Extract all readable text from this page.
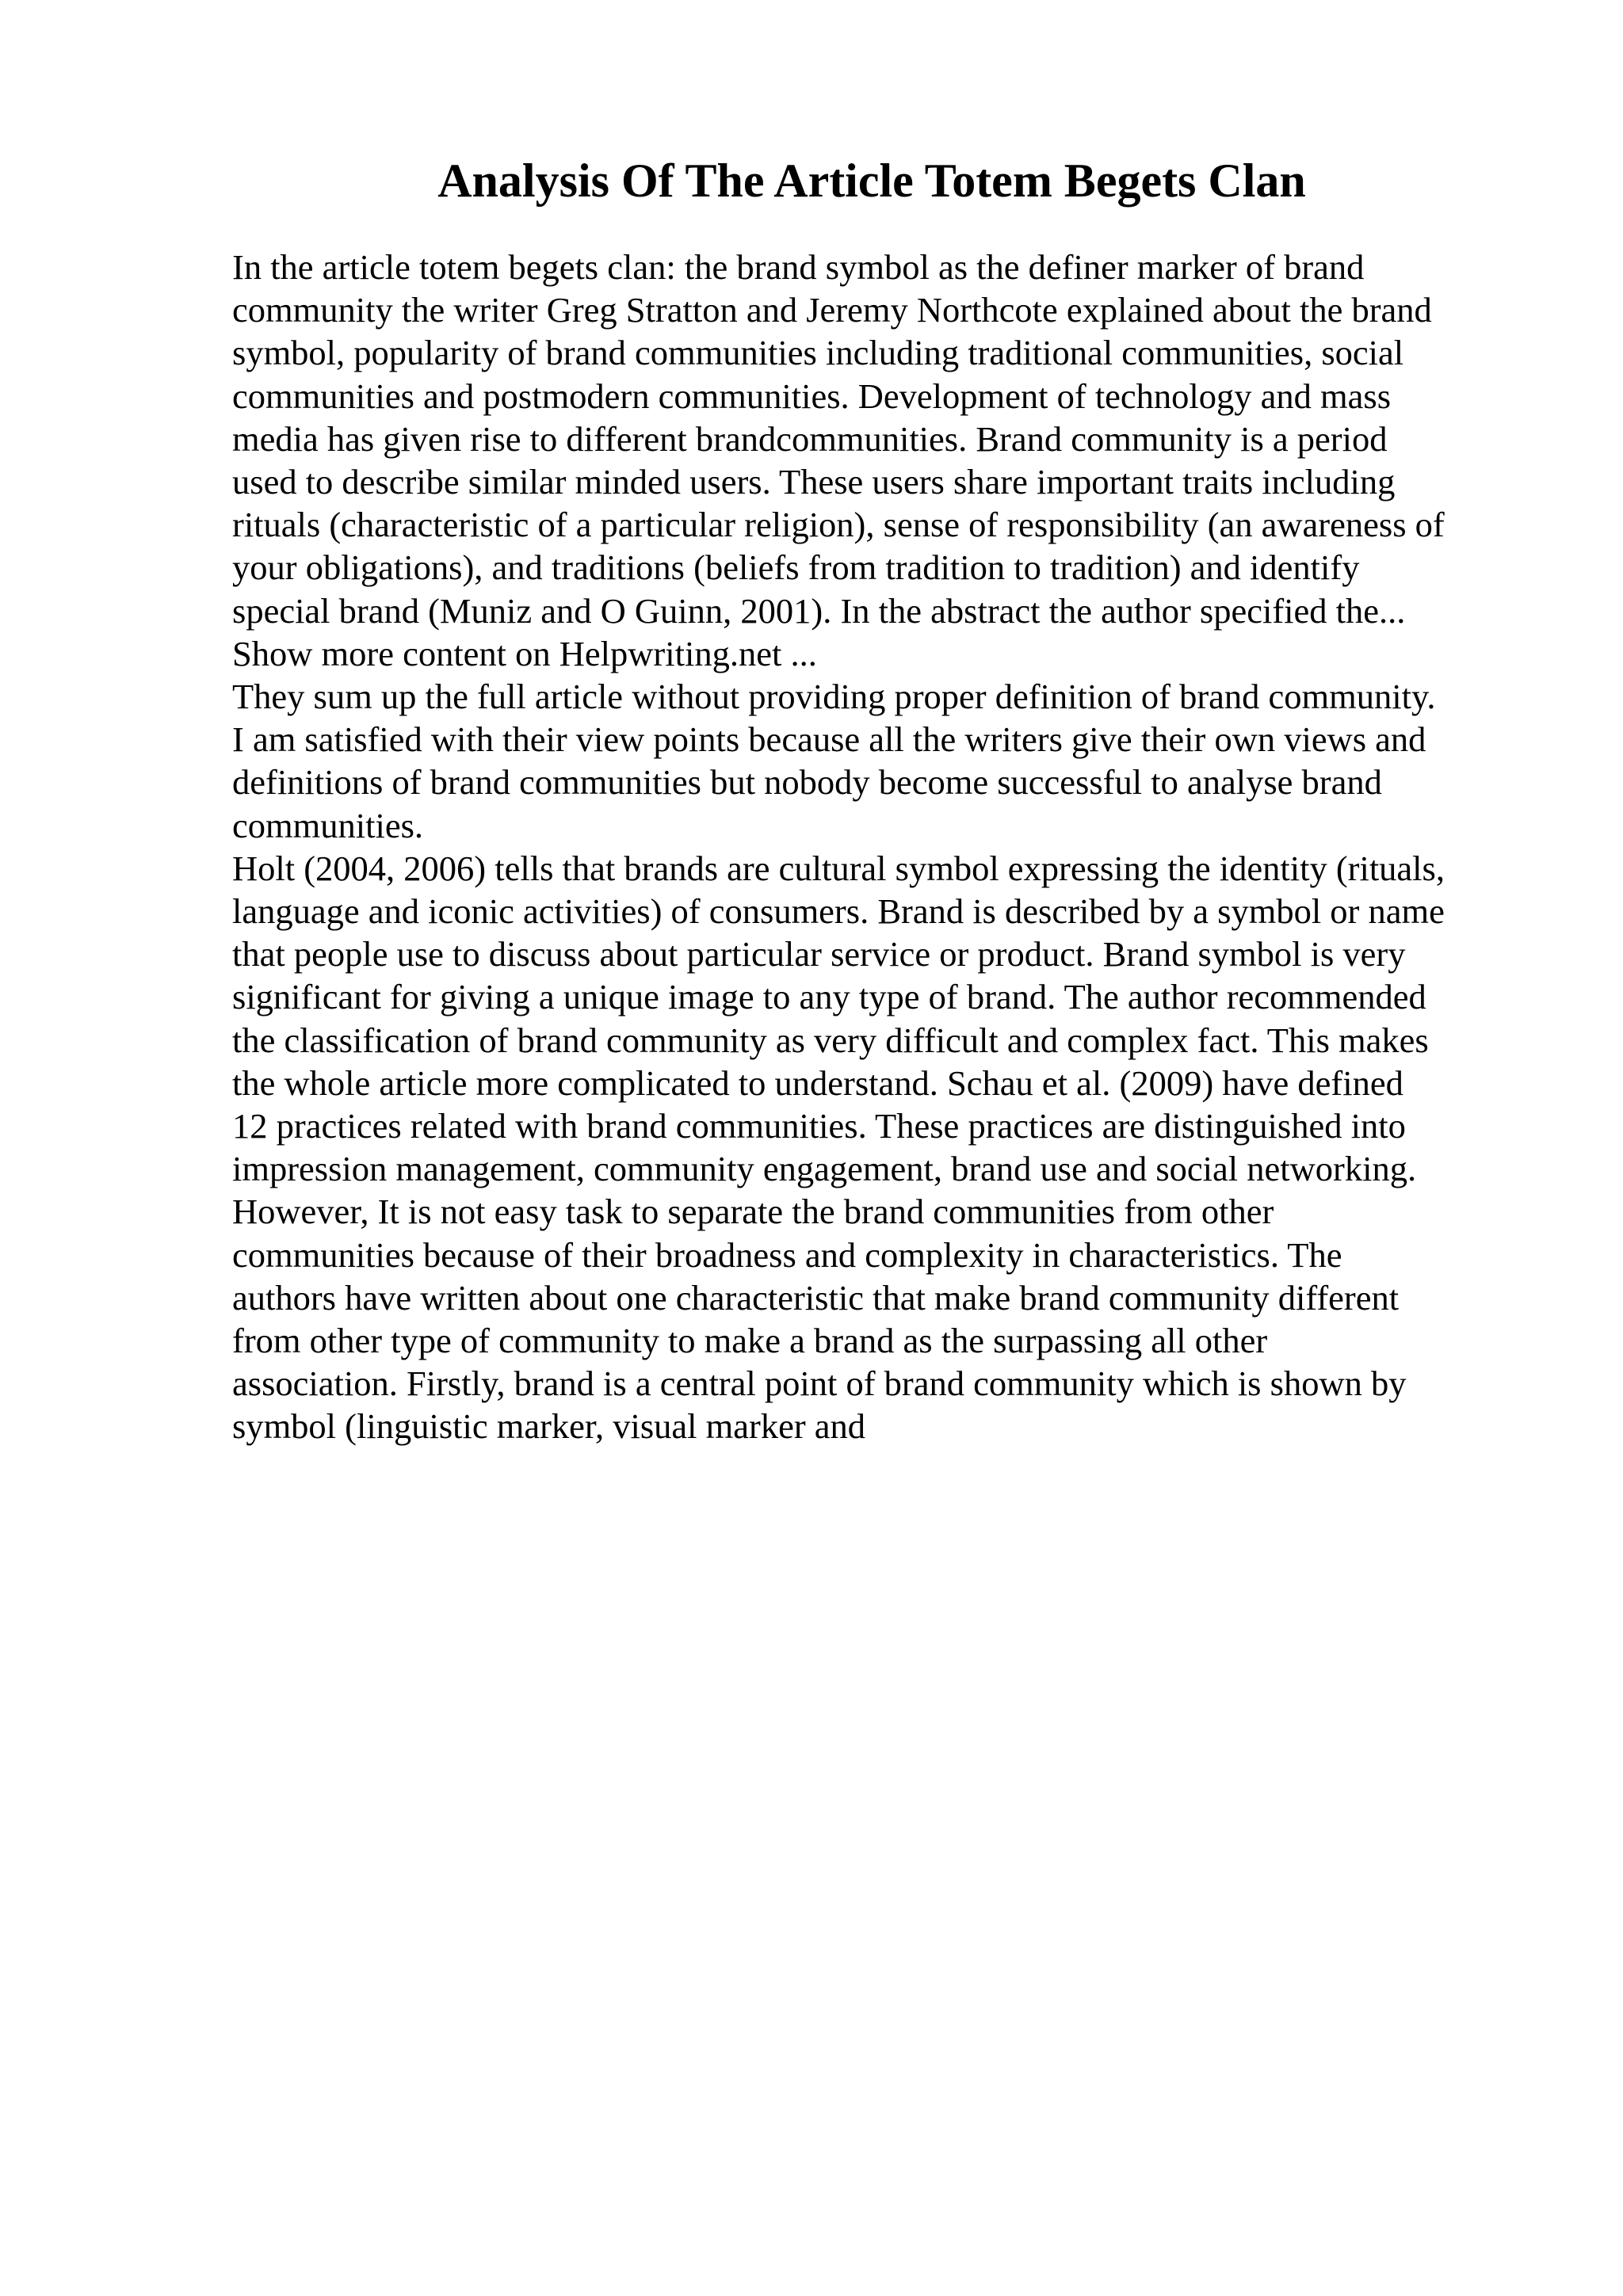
Analysis Of The Article Totem Begets Clan
In the article totem begets clan: the brand symbol as the definer marker of brand
community the writer Greg Stratton and Jeremy Northcote explained about the brand
symbol, popularity of brand communities including traditional communities, social
communities and postmodern communities. Development of technology and mass
media has given rise to different brandcommunities. Brand community is a period
used to describe similar minded users. These users share important traits including
rituals (characteristic of a particular religion), sense of responsibility (an awareness of
your obligations), and traditions (beliefs from tradition to tradition) and identify
special brand (Muniz and O Guinn, 2001). In the abstract the author specified the...
Show more content on Helpwriting.net ...
They sum up the full article without providing proper definition of brand community.
I am satisfied with their view points because all the writers give their own views and
definitions of brand communities but nobody become successful to analyse brand
communities.
Holt (2004, 2006) tells that brands are cultural symbol expressing the identity (rituals,
language and iconic activities) of consumers. Brand is described by a symbol or name
that people use to discuss about particular service or product. Brand symbol is very
significant for giving a unique image to any type of brand. The author recommended
the classification of brand community as very difficult and complex fact. This makes
the whole article more complicated to understand. Schau et al. (2009) have defined
12 practices related with brand communities. These practices are distinguished into
impression management, community engagement, brand use and social networking.
However, It is not easy task to separate the brand communities from other
communities because of their broadness and complexity in characteristics. The
authors have written about one characteristic that make brand community different
from other type of community to make a brand as the surpassing all other
association. Firstly, brand is a central point of brand community which is shown by
symbol (linguistic marker, visual marker and
